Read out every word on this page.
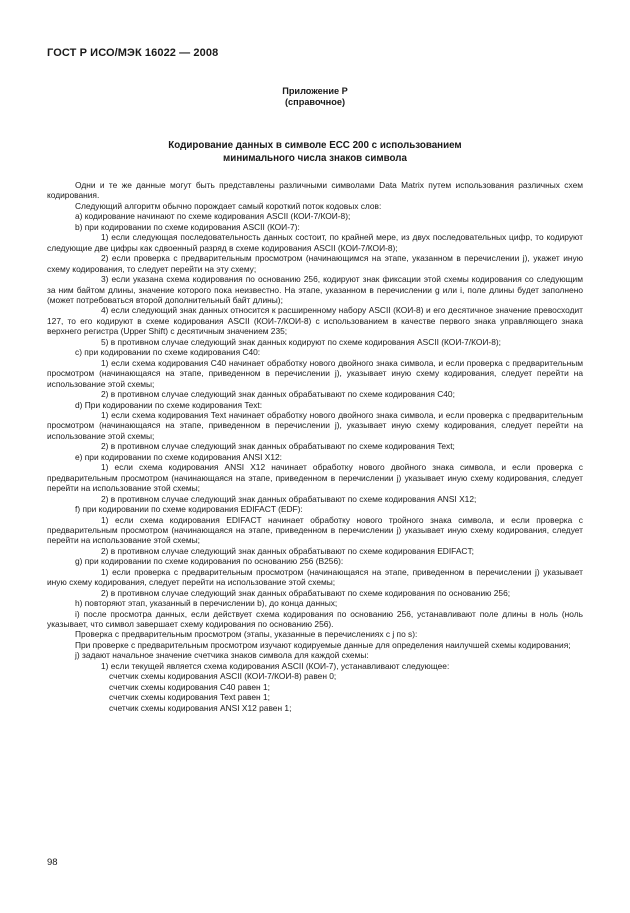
ГОСТ Р ИСО/МЭК 16022 — 2008
Приложение Р
(справочное)
Кодирование данных в символе ЕСС 200 с использованием
минимального числа знаков символа

Одни и те же данные могут быть представлены различными символами Data Matrix путем использования различных схем кодирования.

Следующий алгоритм обычно порождает самый короткий поток кодовых слов:

a) кодирование начинают по схеме кодирования ASCII (КОИ-7/КОИ-8);

b) при кодировании по схеме кодирования ASCII (КОИ-7):

1) если следующая последовательность данных состоит, по крайней мере, из двух последовательных цифр, то кодируют следующие две цифры как сдвоенный разряд в схеме кодирования ASCII (КОИ-7/КОИ-8);

2) если проверка с предварительным просмотром (начинающимся на этапе, указанном в перечислении j), укажет иную схему кодирования, то следует перейти на эту схему;

3) если указана схема кодирования по основанию 256, кодируют знак фиксации этой схемы кодирования со следующим за ним байтом длины, значение которого пока неизвестно. На этапе, указанном в перечислении g или i, поле длины будет заполнено (может потребоваться второй дополнительный байт длины);

4) если следующий знак данных относится к расширенному набору ASCII (КОИ-8) и его десятичное значение превосходит 127, то его кодируют в схеме кодирования ASCII (КОИ-7/КОИ-8) с использованием в качестве первого знака управляющего знака верхнего регистра (Upper Shift) с десятичным значением 235;

5) в противном случае следующий знак данных кодируют по схеме кодирования ASCII (КОИ-7/КОИ-8);

c) при кодировании по схеме кодирования С40:

1) если схема кодирования С40 начинает обработку нового двойного знака символа, и если проверка с предварительным просмотром (начинающаяся на этапе, приведенном в перечислении j), указывает иную схему кодирования, следует перейти на использование этой схемы;

2) в противном случае следующий знак данных обрабатывают по схеме кодирования С40;

d) При кодировании по схеме кодирования Text:

1) если схема кодирования Text начинает обработку нового двойного знака символа, и если проверка с предварительным просмотром (начинающаяся на этапе, приведенном в перечислении j), указывает иную схему кодирования, следует перейти на использование этой схемы;

2) в противном случае следующий знак данных обрабатывают по схеме кодирования Text;

e) при кодировании по схеме кодирования ANSI X12:

1) если схема кодирования ANSI X12 начинает обработку нового двойного знака символа, и если проверка с предварительным просмотром (начинающаяся на этапе, приведенном в перечислении j) указывает иную схему кодирования, следует перейти на использование этой схемы;

2) в противном случае следующий знак данных обрабатывают по схеме кодирования ANSI X12;

f) при кодировании по схеме кодирования EDIFACT (EDF):

1) если схема кодирования EDIFACT начинает обработку нового тройного знака символа, и если проверка с предварительным просмотром (начинающаяся на этапе, приведенном в перечислении j) указывает иную схему кодирования, следует перейти на использование этой схемы;

2) в противном случае следующий знак данных обрабатывают по схеме кодирования EDIFACT;

g) при кодировании по схеме кодирования по основанию 256 (В256):

1) если проверка с предварительным просмотром (начинающаяся на этапе, приведенном в перечислении j) указывает иную схему кодирования, следует перейти на использование этой схемы;

2) в противном случае следующий знак данных обрабатывают по схеме кодирования по основанию 256;

h) повторяют этап, указанный в перечислении b), до конца данных;

i) после просмотра данных, если действует схема кодирования по основанию 256, устанавливают поле длины в ноль (ноль указывает, что символ завершает схему кодирования по основанию 256).

Проверка с предварительным просмотром (этапы, указанные в перечислениях с j по s):

При проверке с предварительным просмотром изучают кодируемые данные для определения наилучшей схемы кодирования;

j) задают начальное значение счетчика знаков символа для каждой схемы:

1) если текущей является схема кодирования ASCII (КОИ-7), устанавливают следующее:

счетчик схемы кодирования ASCII (КОИ-7/КОИ-8) равен 0;

счетчик схемы кодирования С40 равен 1;

счетчик схемы кодирования Text равен 1;

счетчик схемы кодирования ANSI X12 равен 1;

98
